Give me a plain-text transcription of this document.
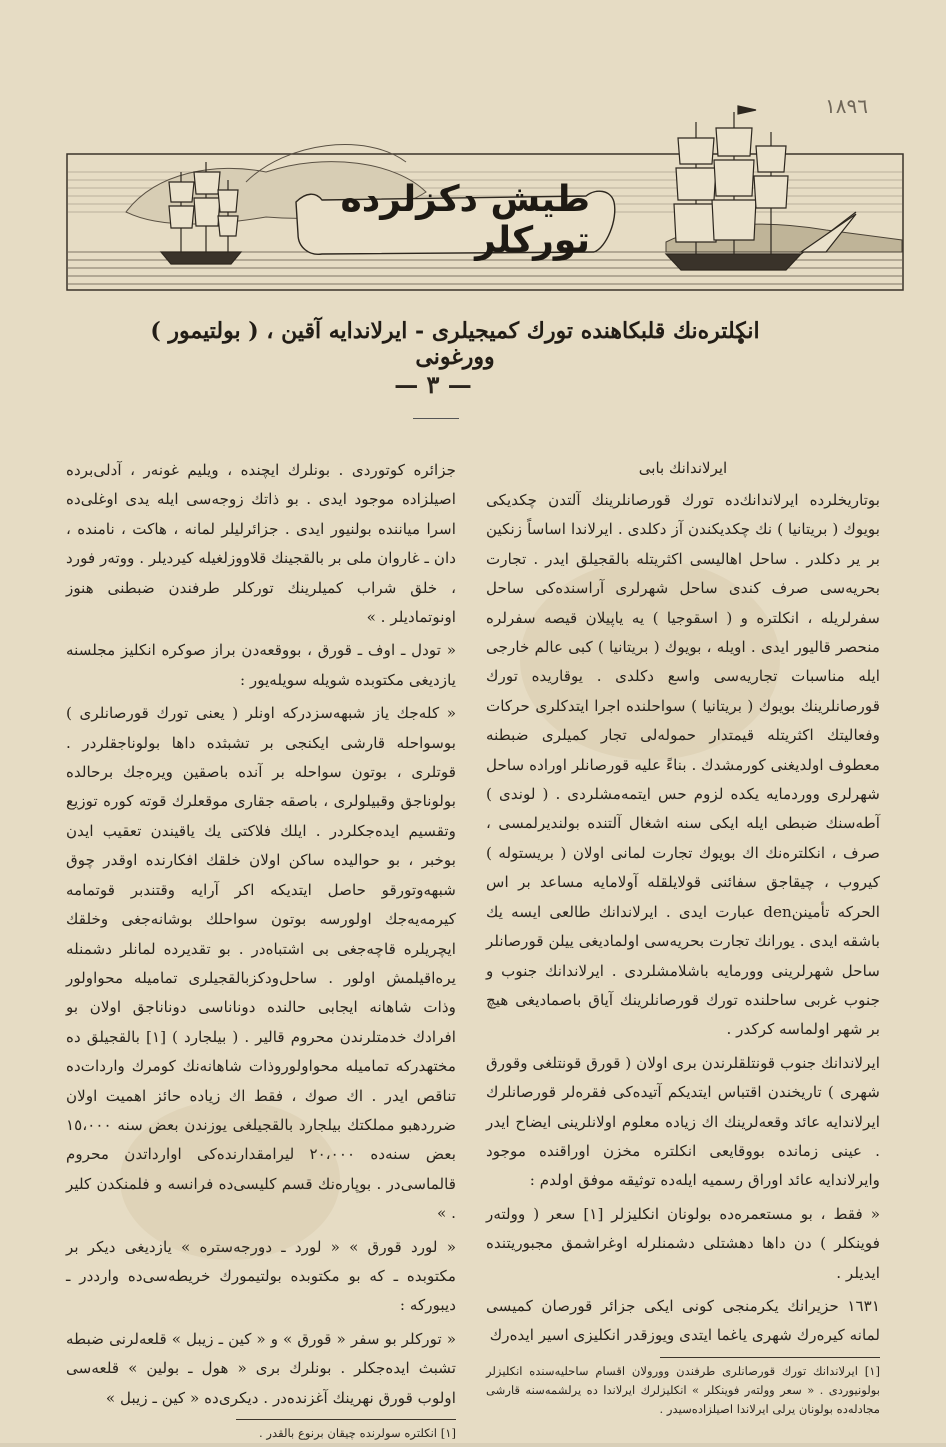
١٨٩٦
طیش دکزلرده تورکلر
انکلتره‌نك قلبکاهنده تورك کمیجیلری - ایرلاندایه آقین ، ( بولتیمور ) وورغونی
— ٣ —
ایرلاندانك بابی

بوتاریخلرده ایرلاندا‌نك‌ده تورك قورصانلرینك آلتدن چکدیکی بویوك ( بریتانیا ) نك چکدیکندن آز دکلدی . ایرلاندا اساساً زنکین بر یر دکلدر . ساحل اهالیسی اکثریتله بالقجیلق ایدر . تجارت بحریه‌سی صرف کندی ساحل شهرلری آراسنده‌کی ساحل سفرلریله ، انکلتره و ( اسقوجیا ) یه یاپیلان قیصه سفرلره منحصر قالیور ایدی . اویله ، بویوك ( بریتانیا ) کبی عالم خارجی ایله مناسبات تجاریه‌سی واسع دکلدی . یوقاریده تورك قورصانلرینك بویوك ( بریتانیا ) سواحلنده اجرا ایتدکلری حرکات وفعالیتك اکثریتله قیمتدار حموله‌لی تجار کمیلری ضبطنه معطوف اولدیغنی کورمشدك . بناءً علیه قورصانلر اوراده ساحل شهرلری ووردمایه یکده لزوم حس ایتمه‌مشلردی . ( لوندی ) آطه‌سنك ضبطی ایله ایکی سنه اشغال آلتنده بولندیرلمسی ، صرف ، انکلتره‌نك اك بویوك تجارت لمانی اولان ( بریستوله ) کیروب ، چیقاجق سفائنی قولایلقله آولامایه مساعد بر اس الحرکه تأمیننden عبارت ایدی . ایرلاندانك طالعی ایسه یك باشقه ایدی . یورانك تجارت بحریه‌سی اولمادیغی ییلن قورصانلر ساحل شهرلرینی وورمایه باشلامشلردی . ایرلاندانك جنوب و جنوب غربی ساحلنده تورك قورصانلرینك آیاق باصمادیغی هیچ بر شهر اولماسه کرکدر .

ایرلاندانك جنوب قونتلقلرندن بری اولان ( قورق قونتلغی وقورق شهری ) تاریخندن اقتباس ایتدیکم آتیده‌کی فقره‌لر قورصانلرك ایرلاندایه عائد وقعه‌لرینك اك زیاده معلوم اولانلرینی ایضاح ایدر . عینی زمانده بووقایعی انکلتره مخزن اوراقنده موجود وایرلاندایه عائد اوراق رسمیه ایله‌ده توثیقه موفق اولدم :

« فقط ، بو مستعمره‌ده بولونان انکلیزلر [١] سعر ( وولته‌ر فوینکلر ) دن داها دهشتلی دشمنلرله اوغراشمق مجبوریتنده ایدیلر .

١٦٣١ حزیرانك یکرمنجی کونی ایکی جزائر قورصان کمیسی لمانه کیره‌رك شهری یاغما ایتدی ویوزقدر انکلیزی اسیر ایده‌رك

[١] ایرلاندانك تورك قورصانلری طرفندن وورولان اقسام ساحلیه‌سنده انکلیزلر بولونیوردی . « سعر وولته‌ر فوینکلر » انکلیزلرك ایرلاندا ده یرلشمه‌سنه قارشی مجادله‌ده بولونان یرلی ایرلاندا اصیلزاده‌سیدر .

جزائره کوتوردی . بونلرك ایچنده ، ویلیم غونه‌ر ، آدلی‌برده اصیلزاده موجود ایدی . بو ذاتك زوجه‌سی ایله یدی اوغلی‌ده اسرا میاننده بولنیور ایدی . جزائرلیلر لمانه ، هاکت ، نامنده ، دان ـ غاروان ملی بر بالقجینك قلاووزلغیله کیردیلر . ووته‌ر فورد ، خلق شراب کمیلرینك تورکلر طرفندن ضبطنی هنوز اونوتمادیلر . »

« تودل ـ اوف ـ قورق ، بووقعه‌دن براز صوکره انکلیز مجلسنه یازدیغی مکتوبده شویله سویله‌یور :

« کله‌جك یاز شبهه‌سزدرکه اونلر ( یعنی تورك قورصانلری ) بوسواحله قارشی ایکنجی بر تشبثده داها بولوناجقلردر . قوتلری ، بوتون سواحله بر آنده باصقین ویره‌جك برحالده بولوناجق وقبیلولری ، باصقه جقاری موقعلرك قوته کوره توزیع وتقسیم ایده‌جکلردر . ایلك فلاکتی یك یاقیندن تعقیب ایدن بوخبر ، بو حوالیده ساکن اولان خلقك افکارنده اوقدر چوق شبهه‌وتورقو حاصل ایتدیکه اکر آرایه وقتندبر قوتمامه کیرمه‌یه‌جك اولورسه بوتون سواحلك بوشانه‌جغی وخلقك ایچریلره قاچه‌جغی بی اشتباه‌در . بو تقدیرده لمانلر دشمنله یره‌اقیلمش اولور . ساحل‌ودکزبالقجیلری تماميله محواولور وذات شاهانه ایجابی حالنده دوناناسی دوناناجق اولان بو افرادك خدمتلرندن محروم قالیر . ( بیلجارد ) [١] بالقجیلق ده مختهدرکه تماميله محواولوروذات شاهانه‌نك کومرك واردات‌ده تناقص ایدر . اك صوك ، فقط اك زیاده حائز اهمیت اولان ضرردهبو مملکتك بیلجارد بالقجیلغی یوزندن بعض سنه ١٥،٠٠٠ بعض سنه‌ده ٢٠،٠٠٠ لیرامقدارنده‌کی اوارداتدن محروم قالماسی‌در . بوپاره‌نك قسم کلیسی‌ده فرانسه و فلمنکدن کلیر . »

« لورد قورق » « لورد ـ دورجه‌ستره » یازدیغی دیکر بر مکتوبده ـ که بو مکتوبده بولتیمورك خریطه‌سی‌ده وارددر ـ دیبورکه :

« تورکلر بو سفر « قورق » و « کین ـ زیبل » قلعه‌لرنی ضبطه تشبث ایده‌جکلر . بونلرك بری « هول ـ بولین » قلعه‌سی اولوب قورق نهرینك آغزنده‌در . دیکری‌ده « کین ـ زیبل »

[١] انکلتره سولرنده چیقان برنوع بالقدر .
